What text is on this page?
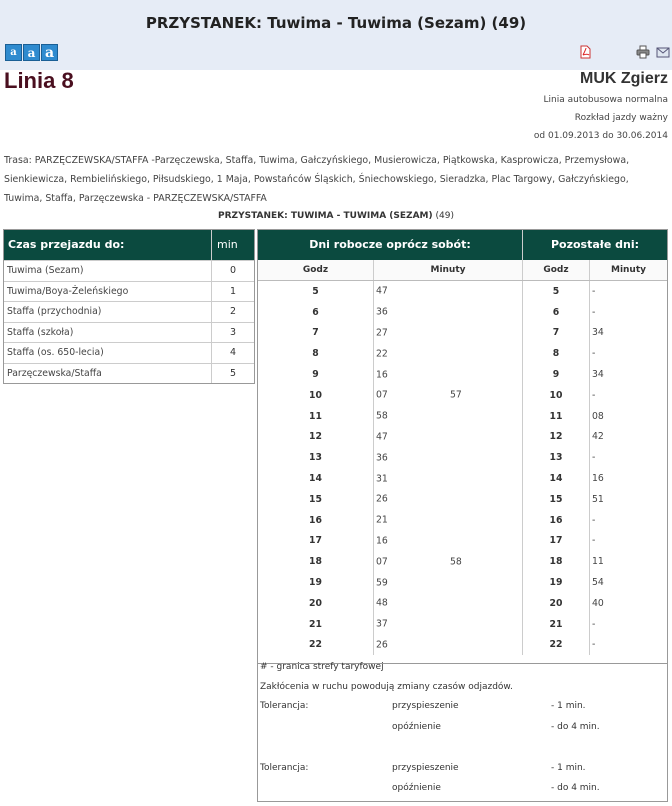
PRZYSTANEK: Tuwima - Tuwima (Sezam) (49)
a a a
Linia 8	MUK Zgierz
Linia autobusowa normalna
Rozkład jazdy ważny
od 01.09.2013 do 30.06.2014
Trasa: PARZĘCZEWSKA/STAFFA -Parzęczewska, Staffa, Tuwima, Gałczyńskiego, Musierowicza, Piątkowska, Kasprowicza, Przemysłowa, Sienkiewicza, Rembielińskiego, Piłsudskiego, 1 Maja, Powstańców Śląskich, Śniechowskiego, Sieradzka, Plac Targowy, Gałczyńskiego, Tuwima, Staffa, Parzęczewska - PARZĘCZEWSKA/STAFFA
PRZYSTANEK: TUWIMA - TUWIMA (SEZAM) (49)
Czas przejazdu do:	min
Tuwima (Sezam)	0
Tuwima/Boya-Żeleńskiego	1
Staffa (przychodnia)	2
Staffa (szkoła)	3
Staffa (os. 650-lecia)	4
Parzęczewska/Staffa	5
Dni robocze oprócz sobót:	Pozostałe dni:
Godz	Minuty	Godz	Minuty
5	47	5	-
6	36	6	-
7	27	7	34
8	22	8	-
9	16	9	34
10	07	57	10	-
11	58	11	08
12	47	12	42
13	36	13	-
14	31	14	16
15	26	15	51
16	21	16	-
17	16	17	-
18	07	58	18	11
19	59	19	54
20	48	20	40
21	37	21	-
22	26	22	-
# - granica strefy taryfowej
Zakłócenia w ruchu powodują zmiany czasów odjazdów.
Tolerancja:	przyspieszenie	- 1 min.
opóźnienie	- do 4 min.
Tolerancja:	przyspieszenie	- 1 min.
opóźnienie	- do 4 min.
